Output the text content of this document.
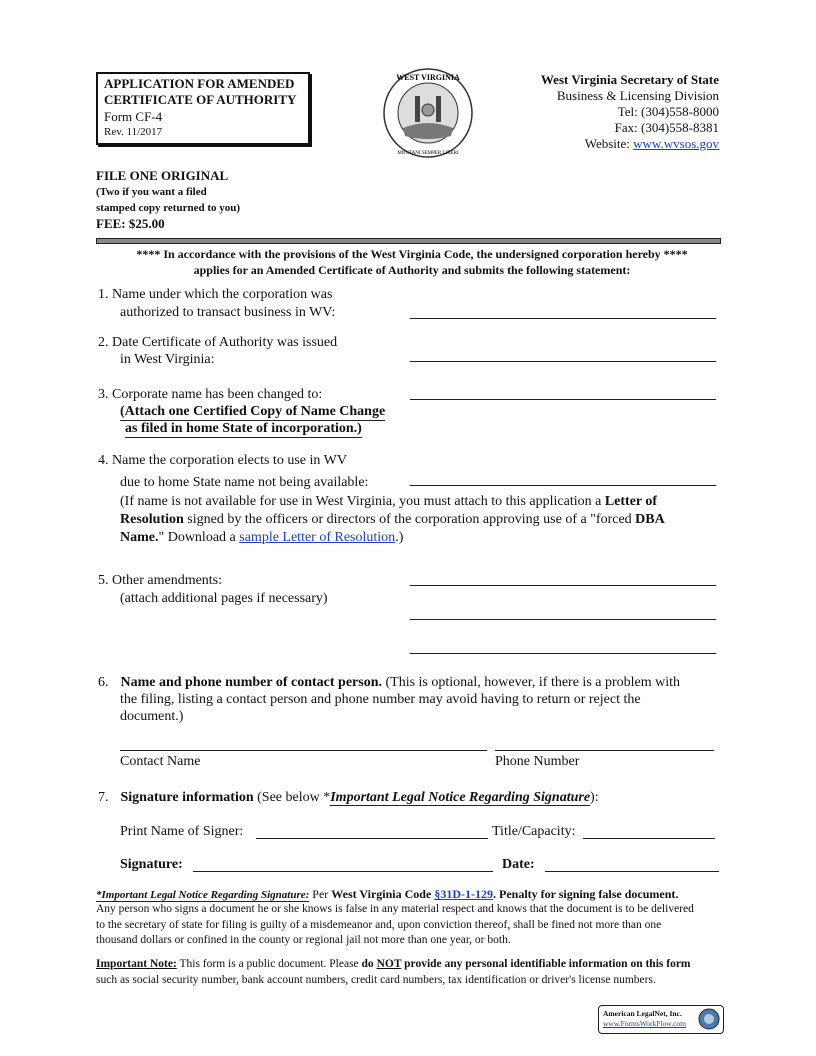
APPLICATION FOR AMENDED
CERTIFICATE OF AUTHORITY
Form CF-4
Rev. 11/2017
WEST VIRGINIA
MONTANI SEMPER LIBERI
West Virginia Secretary of State
Business & Licensing Division
Tel: (304)558-8000
Fax: (304)558-8381
Website: www.wvsos.gov
FILE ONE ORIGINAL
(Two if you want a filed
stamped copy returned to you)
FEE: $25.00
**** In accordance with the provisions of the West Virginia Code, the undersigned corporation hereby ****
applies for an Amended Certificate of Authority and submits the following statement:
1. Name under which the corporation was
authorized to transact business in WV:
2. Date Certificate of Authority was issued
in West Virginia:
3. Corporate name has been changed to:
(Attach one Certified Copy of Name Change
as filed in home State of incorporation.)
4. Name the corporation elects to use in WV
due to home State name not being available:
(If name is not available for use in West Virginia, you must attach to this application a Letter of
Resolution signed by the officers or directors of the corporation approving use of a "forced DBA
Name." Download a sample Letter of Resolution.)
5. Other amendments:
(attach additional pages if necessary)
6. Name and phone number of contact person. (This is optional, however, if there is a problem with
the filing, listing a contact person and phone number may avoid having to return or reject the
document.)
Contact Name	Phone Number
7. Signature information (See below *Important Legal Notice Regarding Signature):
Print Name of Signer:	Title/Capacity:
Signature:	Date:
*Important Legal Notice Regarding Signature: Per West Virginia Code §31D-1-129. Penalty for signing false document.
Any person who signs a document he or she knows is false in any material respect and knows that the document is to be delivered
to the secretary of state for filing is guilty of a misdemeanor and, upon conviction thereof, shall be fined not more than one
thousand dollars or confined in the county or regional jail not more than one year, or both.
Important Note: This form is a public document. Please do NOT provide any personal identifiable information on this form
such as social security number, bank account numbers, credit card numbers, tax identification or driver's license numbers.
American LegalNet, Inc.
www.FormsWorkFlow.com
